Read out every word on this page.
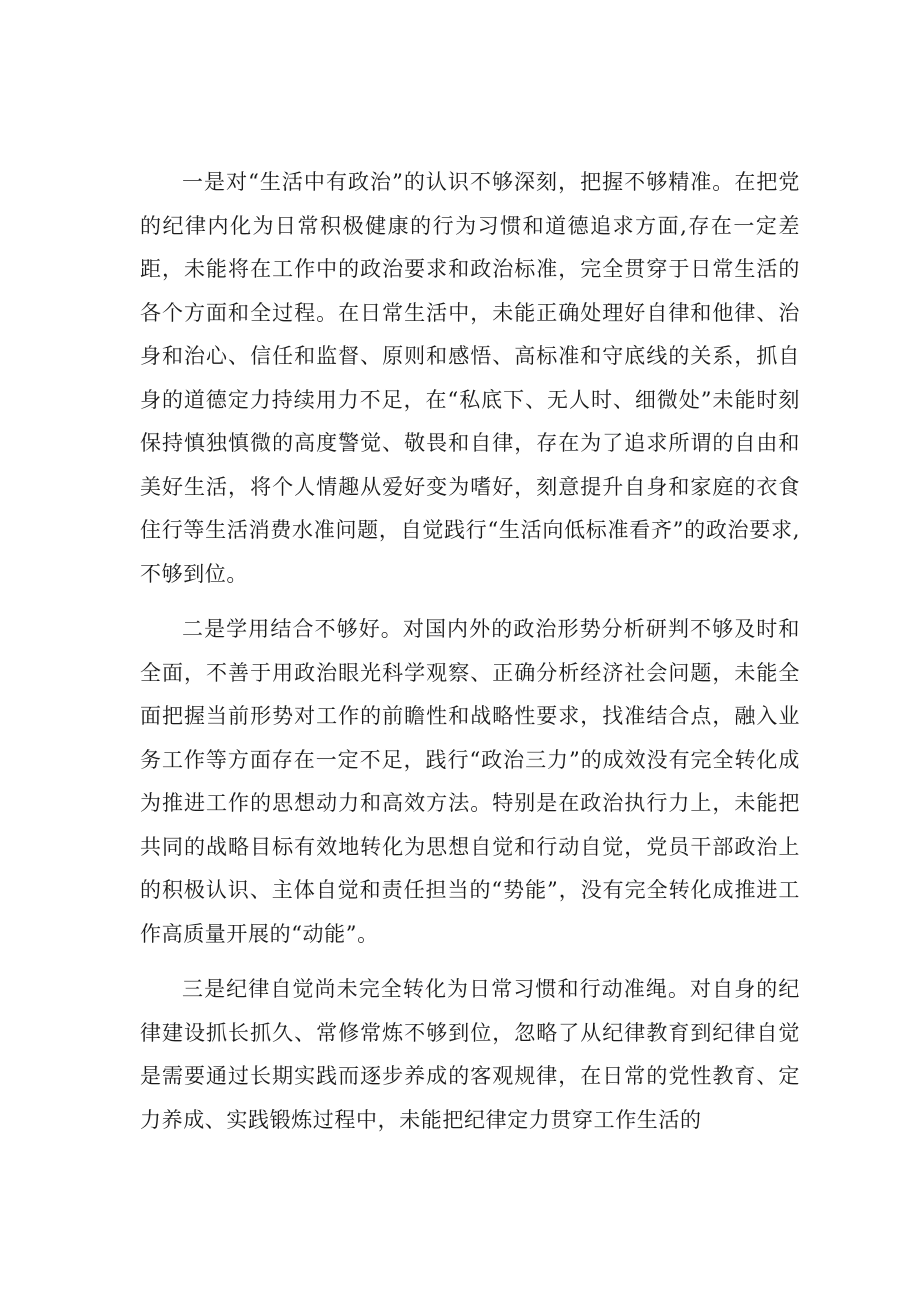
一是对“生活中有政治”的认识不够深刻，把握不够精准。在把党的纪律内化为日常积极健康的行为习惯和道德追求方面,存在一定差距，未能将在工作中的政治要求和政治标准，完全贯穿于日常生活的各个方面和全过程。在日常生活中，未能正确处理好自律和他律、治身和治心、信任和监督、原则和感悟、高标准和守底线的关系，抓自身的道德定力持续用力不足，在“私底下、无人时、细微处”未能时刻保持慎独慎微的高度警觉、敬畏和自律，存在为了追求所谓的自由和美好生活，将个人情趣从爱好变为嗜好，刻意提升自身和家庭的衣食住行等生活消费水准问题，自觉践行“生活向低标准看齐”的政治要求,不够到位。

二是学用结合不够好。对国内外的政治形势分析研判不够及时和全面，不善于用政治眼光科学观察、正确分析经济社会问题，未能全面把握当前形势对工作的前瞻性和战略性要求，找准结合点，融入业务工作等方面存在一定不足，践行“政治三力”的成效没有完全转化成为推进工作的思想动力和高效方法。特别是在政治执行力上，未能把共同的战略目标有效地转化为思想自觉和行动自觉，党员干部政治上的积极认识、主体自觉和责任担当的“势能”，没有完全转化成推进工作高质量开展的“动能”。

三是纪律自觉尚未完全转化为日常习惯和行动准绳。对自身的纪律建设抓长抓久、常修常炼不够到位，忽略了从纪律教育到纪律自觉是需要通过长期实践而逐步养成的客观规律，在日常的党性教育、定力养成、实践锻炼过程中，未能把纪律定力贯穿工作生活的
